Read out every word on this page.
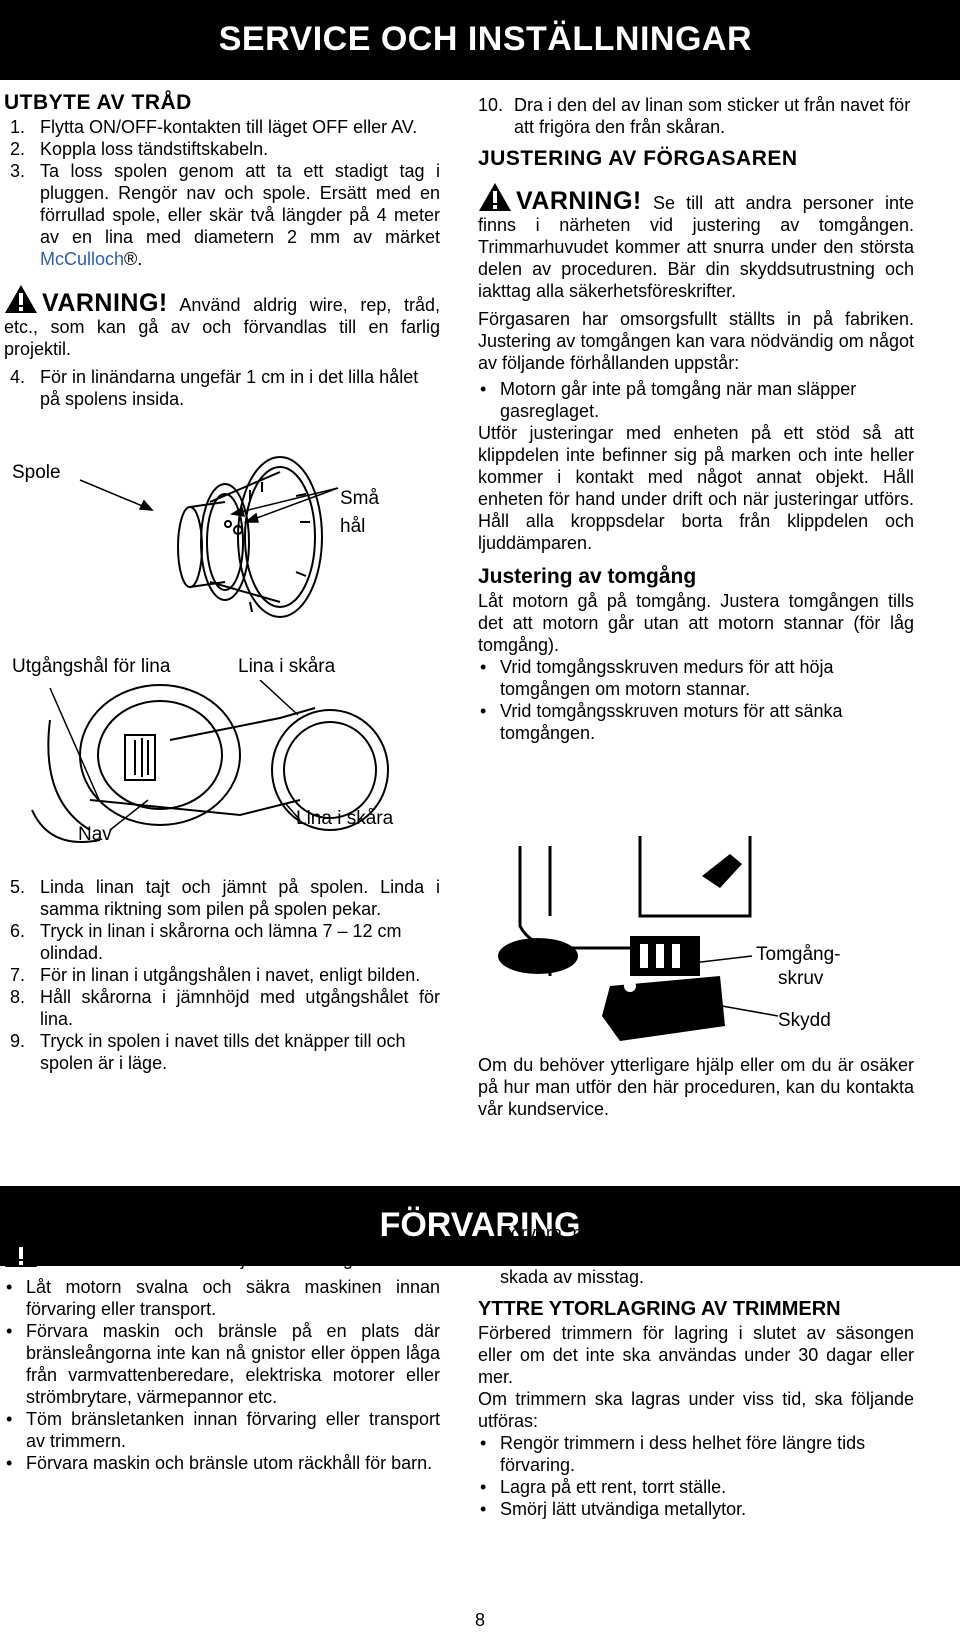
SERVICE OCH INSTÄLLNINGAR
UTBYTE AV TRÅD
1. Flytta ON/OFF-kontakten till läget OFF eller AV.
2. Koppla loss tändstiftskabeln.
3. Ta loss spolen genom att ta ett stadigt tag i pluggen. Rengör nav och spole. Ersätt med en förrullad spole, eller skär två längder på 4 meter av en lina med diametern 2 mm av märket McCulloch®.

VARNING! Använd aldrig wire, rep, tråd, etc., som kan gå av och förvandlas till en farlig projektil.

4. För in linändarna ungefär 1 cm in i det lilla hålet på spolens insida.
Spole
Små
hål
Utgångshål för lina	Lina i skåra
Nav
Lina i skåra
5. Linda linan tajt och jämnt på spolen. Linda i samma riktning som pilen på spolen pekar.
6. Tryck in linan i skårorna och lämna 7 – 12 cm olindad.
7. För in linan i utgångshålen i navet, enligt bilden.
8. Håll skårorna i jämnhöjd med utgångshålet för lina.
9. Tryck in spolen i navet tills det knäpper till och spolen är i läge.
10. Dra i den del av linan som sticker ut från navet för att frigöra den från skåran.
JUSTERING AV FÖRGASAREN

VARNING! Se till att andra personer inte finns i närheten vid justering av tomgången. Trimmarhuvudet kommer att snurra under den största delen av proceduren. Bär din skyddsutrustning och iakttag alla säkerhetsföreskrifter.

Förgasaren har omsorgsfullt ställts in på fabriken. Justering av tomgången kan vara nödvändig om något av följande förhållanden uppstår:

• Motorn går inte på tomgång när man släpper gasreglaget.

Utför justeringar med enheten på ett stöd så att klippdelen inte befinner sig på marken och inte heller kommer i kontakt med något annat objekt. Håll enheten för hand under drift och när justeringar utförs. Håll alla kroppsdelar borta från klippdelen och ljuddämparen.

Justering av tomgång

Låt motorn gå på tomgång. Justera tomgången tills det att motorn går utan att motorn stannar (för låg tomgång).

• Vrid tomgångsskruven medurs för att höja tomgången om motorn stannar.
• Vrid tomgångsskruven moturs för att sänka tomgången.
Tomgång-
skruv
Skydd

Om du behöver ytterligare hjälp eller om du är osäker på hur man utför den här proceduren, kan du kontakta vår kundservice.

FÖRVARING

VARNING! Efter varje användning:

• Låt motorn svalna och säkra maskinen innan förvaring eller transport.
• Förvara maskin och bränsle på en plats där bränsleångorna inte kan nå gnistor eller öppen låga från varmvattenberedare, elektriska motorer eller strömbrytare, värmepannor etc.
• Töm bränsletanken innan förvaring eller transport av trimmern.
• Förvara maskin och bränsle utom räckhåll för barn.
• Förvara maskinen med samtliga skydd på plats. Ställ maskinen så att inga skarpa objekt kan orsaka skada av misstag.
YTTRE YTORLAGRING AV TRIMMERN

Förbered trimmern för lagring i slutet av säsongen eller om det inte ska användas under 30 dagar eller mer.

Om trimmern ska lagras under viss tid, ska följande utföras:

• Rengör trimmern i dess helhet före längre tids förvaring.
• Lagra på ett rent, torrt ställe.
• Smörj lätt utvändiga metallytor.
8
